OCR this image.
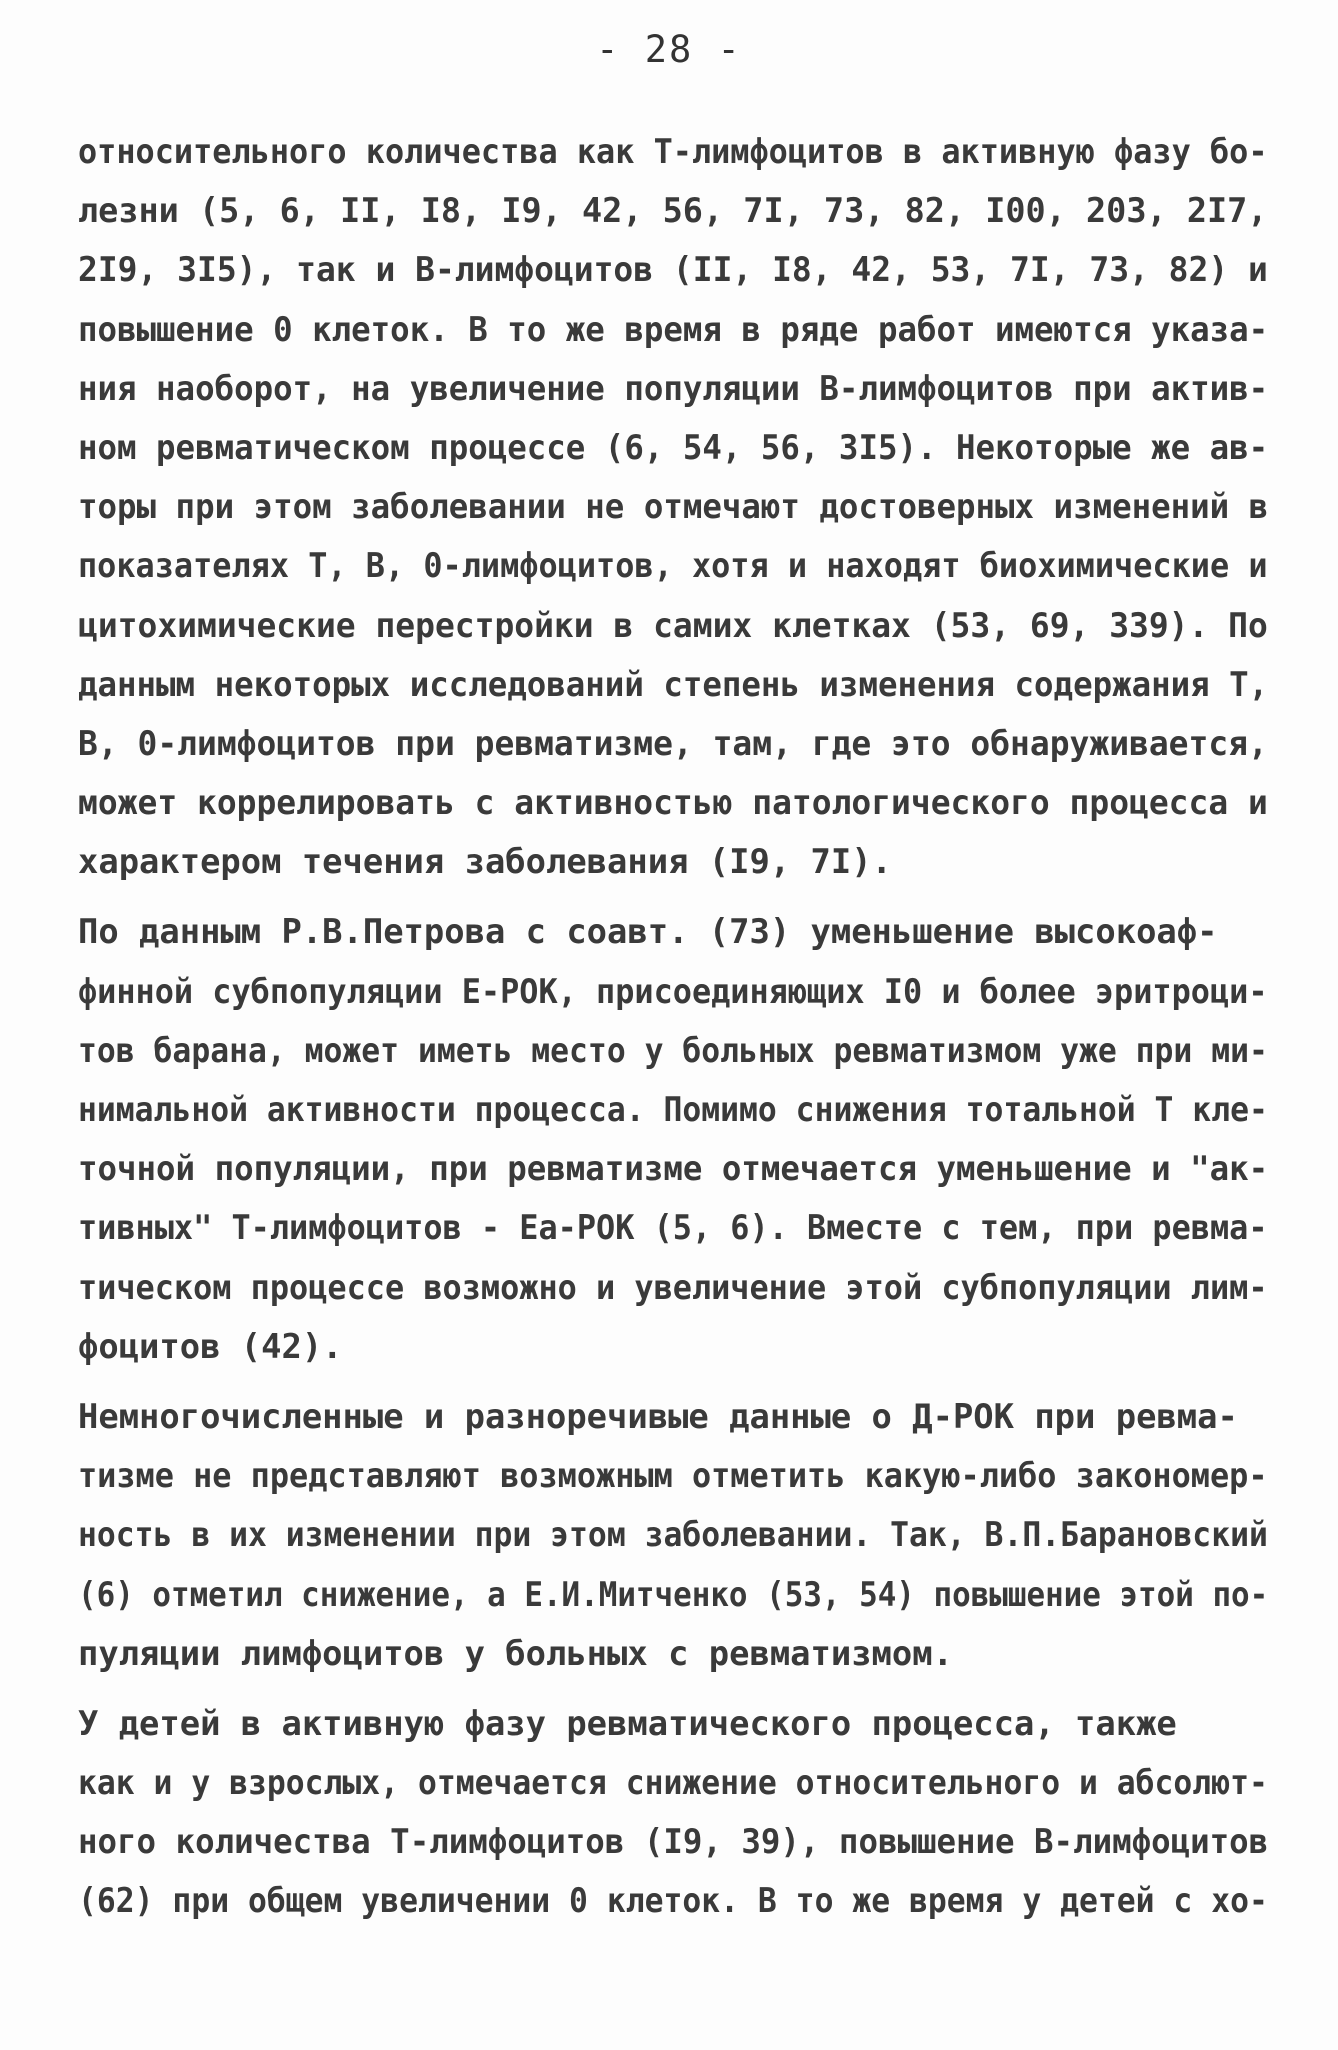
- 28 -
относительного количества как Т-лимфоцитов в активную фазу бо-
лезни (5, 6, II, I8, I9, 42, 56, 7I, 73, 82, I00, 203, 2I7,
2I9, 3I5), так и В-лимфоцитов (II, I8, 42, 53, 7I, 73, 82) и
повышение 0 клеток. В то же время в ряде работ имеются указа-
ния наоборот, на увеличение популяции В-лимфоцитов при актив-
ном ревматическом процессе (6, 54, 56, 3I5). Некоторые же ав-
торы при этом заболевании не отмечают достоверных изменений в
показателях Т, В, 0-лимфоцитов, хотя и находят биохимические и
цитохимические перестройки в самих клетках (53, 69, 339). По
данным некоторых исследований степень изменения содержания Т,
В, 0-лимфоцитов при ревматизме, там, где это обнаруживается,
может коррелировать с активностью патологического процесса и
характером течения заболевания (I9, 7I).
По данным Р.В.Петрова с соавт. (73) уменьшение высокоаф-
финной субпопуляции Е-РОК, присоединяющих I0 и более эритроци-
тов барана, может иметь место у больных ревматизмом уже при ми-
нимальной активности процесса. Помимо снижения тотальной Т кле-
точной популяции, при ревматизме отмечается уменьшение и "ак-
тивных" Т-лимфоцитов - Еа-РОК (5, 6). Вместе с тем, при ревма-
тическом процессе возможно и увеличение этой субпопуляции лим-
фоцитов (42).
Немногочисленные и разноречивые данные о Д-РОК при ревма-
тизме не представляют возможным отметить какую-либо закономер-
ность в их изменении при этом заболевании. Так, В.П.Барановский
(6) отметил снижение, а Е.И.Митченко (53, 54) повышение этой по-
пуляции лимфоцитов у больных с ревматизмом.
У детей в активную фазу ревматического процесса, также
как и у взрослых, отмечается снижение относительного и абсолют-
ного количества Т-лимфоцитов (I9, 39), повышение В-лимфоцитов
(62) при общем увеличении 0 клеток. В то же время у детей с хо-
